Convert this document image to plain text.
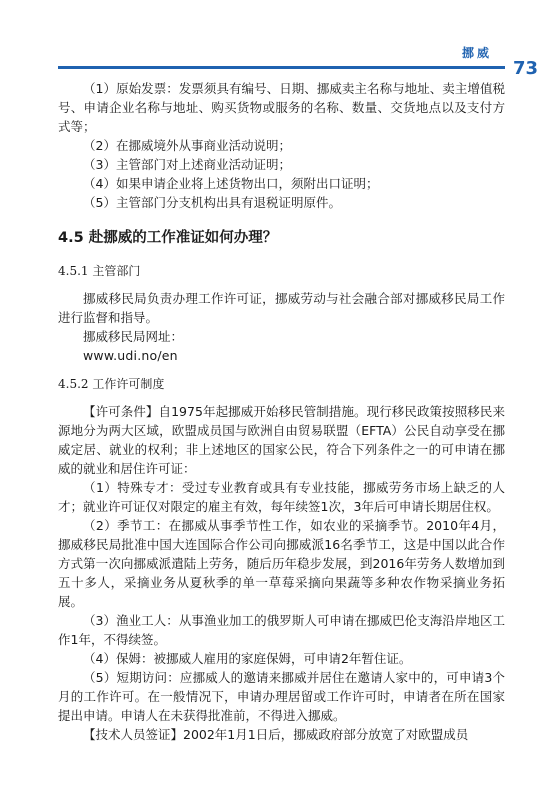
挪威
73

（1）原始发票：发票须具有编号、日期、挪威卖主名称与地址、卖主增值税号、申请企业名称与地址、购买货物或服务的名称、数量、交货地点以及支付方式等；

（2）在挪威境外从事商业活动说明；

（3）主管部门对上述商业活动证明；

（4）如果申请企业将上述货物出口，须附出口证明；

（5）主管部门分支机构出具有退税证明原件。

4.5 赴挪威的工作准证如何办理？
4.5.1 主管部门

挪威移民局负责办理工作许可证，挪威劳动与社会融合部对挪威移民局工作进行监督和指导。

挪威移民局网址：

www.udi.no/en

4.5.2 工作许可制度

【许可条件】自1975年起挪威开始移民管制措施。现行移民政策按照移民来源地分为两大区域，欧盟成员国与欧洲自由贸易联盟（EFTA）公民自动享受在挪威定居、就业的权利；非上述地区的国家公民，符合下列条件之一的可申请在挪威的就业和居住许可证：

（1）特殊专才：受过专业教育或具有专业技能，挪威劳务市场上缺乏的人才；就业许可证仅对限定的雇主有效，每年续签1次，3年后可申请长期居住权。

（2）季节工：在挪威从事季节性工作，如农业的采摘季节。2010年4月，挪威移民局批准中国大连国际合作公司向挪威派16名季节工，这是中国以此合作方式第一次向挪威派遣陆上劳务，随后历年稳步发展，到2016年劳务人数增加到五十多人，采摘业务从夏秋季的单一草莓采摘向果蔬等多种农作物采摘业务拓展。

（3）渔业工人：从事渔业加工的俄罗斯人可申请在挪威巴伦支海沿岸地区工作1年，不得续签。

（4）保姆：被挪威人雇用的家庭保姆，可申请2年暂住证。

（5）短期访问：应挪威人的邀请来挪威并居住在邀请人家中的，可申请3个月的工作许可。在一般情况下，申请办理居留或工作许可时，申请者在所在国家提出申请。申请人在未获得批准前，不得进入挪威。

【技术人员签证】2002年1月1日后，挪威政府部分放宽了对欧盟成员
